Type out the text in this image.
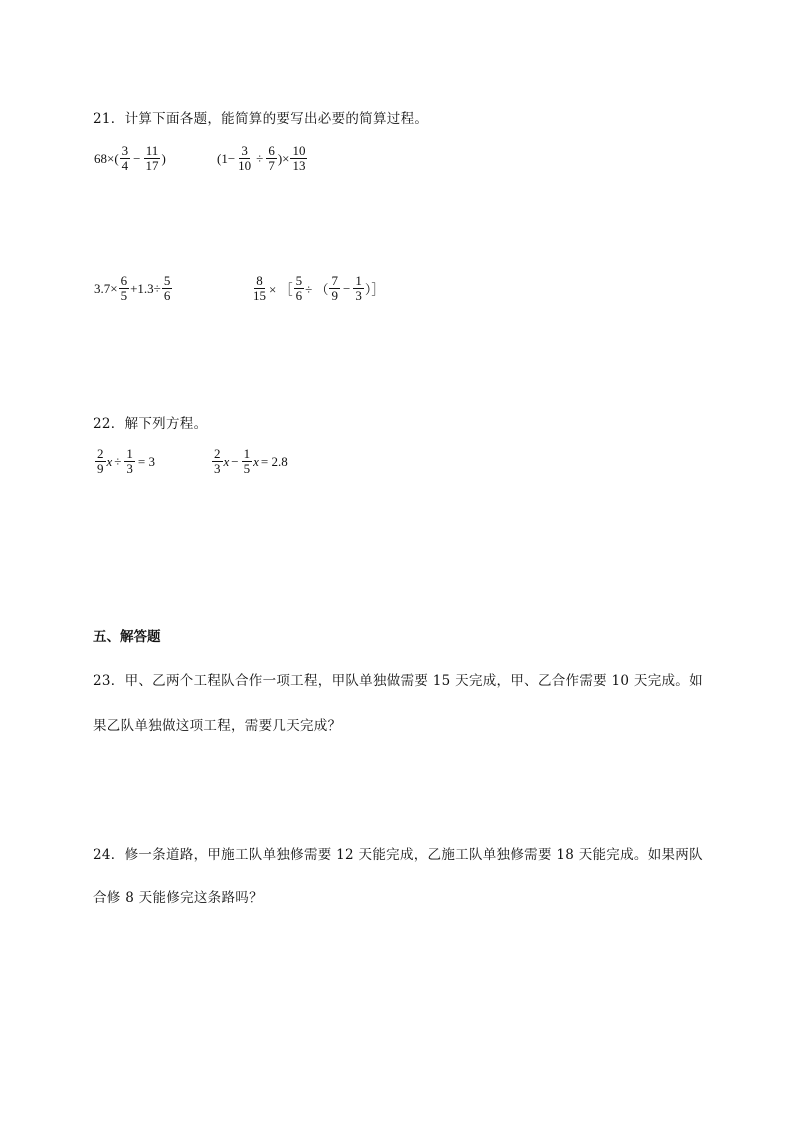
21．计算下面各题，能简算的要写出必要的简算过程。
$68\times( \frac{3}{4} - \frac{11}{17}$ )	($1- \frac{3}{10} \div \frac{6}{7}$ )× $\frac{10}{13}$
$3.7\times \frac{6}{5} +1.3\div \frac{5}{6}$	$\frac{8}{15}$ × ［ $\frac{5}{6}$ ÷ （ $\frac{7}{9} - \frac{1}{3}$ ）］
22．解下列方程。
$\frac{2}{9}$ $x \div \frac{1}{3} = 3$	$\frac{2}{3}$ $x - \frac{1}{5}$ x = 2.8
五、解答题
23．甲、乙两个工程队合作一项工程，甲队单独做需要 15 天完成，甲、乙合作需要 10 天完成。如
果乙队单独做这项工程，需要几天完成？
24．修一条道路，甲施工队单独修需要 12 天能完成，乙施工队单独修需要 18 天能完成。如果两队
合修 8 天能修完这条路吗？
